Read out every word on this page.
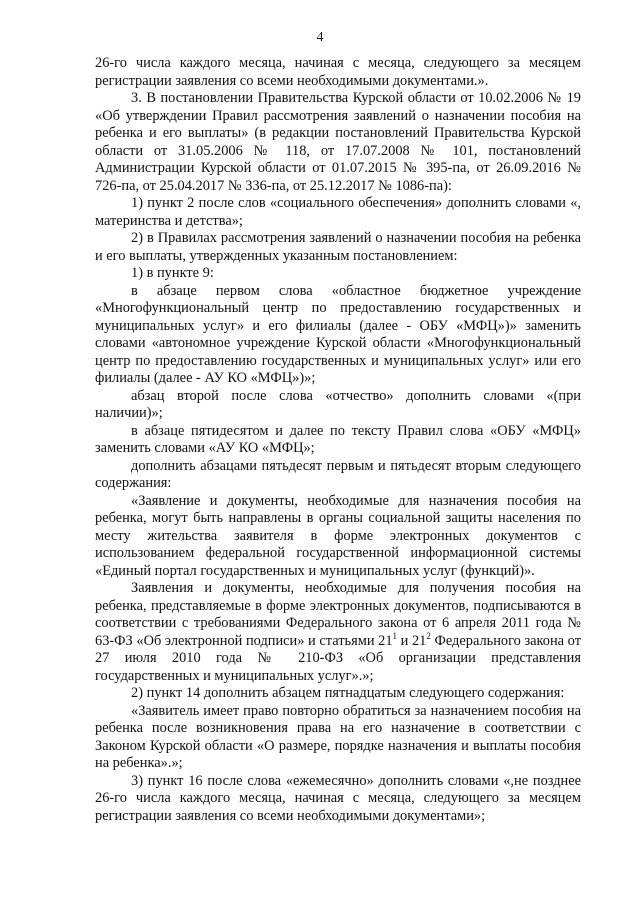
4

26-го числа каждого месяца, начиная с месяца, следующего за месяцем регистрации заявления со всеми необходимыми документами.».

3. В постановлении Правительства Курской области от 10.02.2006 № 19 «Об утверждении Правил рассмотрения заявлений о назначении пособия на ребенка и его выплаты» (в редакции постановлений Правительства Курской области от 31.05.2006 № 118, от 17.07.2008 № 101, постановлений Администрации Курской области от 01.07.2015 № 395-па, от 26.09.2016 № 726-па, от 25.04.2017 № 336-па, от 25.12.2017 № 1086-па):

1) пункт 2 после слов «социального обеспечения» дополнить словами «, материнства и детства»;

2) в Правилах рассмотрения заявлений о назначении пособия на ребенка и его выплаты, утвержденных указанным постановлением:

1) в пункте 9:

в абзаце первом слова «областное бюджетное учреждение «Многофункциональный центр по предоставлению государственных и муниципальных услуг» и его филиалы (далее - ОБУ «МФЦ»)» заменить словами «автономное учреждение Курской области «Многофункциональный центр по предоставлению государственных и муниципальных услуг» или его филиалы (далее - АУ КО «МФЦ»)»;

абзац второй после слова «отчество» дополнить словами «(при наличии)»;

в абзаце пятидесятом и далее по тексту Правил слова «ОБУ «МФЦ» заменить словами «АУ КО «МФЦ»;

дополнить абзацами пятьдесят первым и пятьдесят вторым следующего содержания:

«Заявление и документы, необходимые для назначения пособия на ребенка, могут быть направлены в органы социальной защиты населения по месту жительства заявителя в форме электронных документов с использованием федеральной государственной информационной системы «Единый портал государственных и муниципальных услуг (функций)».

Заявления и документы, необходимые для получения пособия на ребенка, представляемые в форме электронных документов, подписываются в соответствии с требованиями Федерального закона от 6 апреля 2011 года № 63-ФЗ «Об электронной подписи» и статьями $21^1$ и $21^2$ Федерального закона от 27 июля 2010 года № 210-ФЗ «Об организации представления государственных и муниципальных услуг».»;

2) пункт 14 дополнить абзацем пятнадцатым следующего содержания:

«Заявитель имеет право повторно обратиться за назначением пособия на ребенка после возникновения права на его назначение в соответствии с Законом Курской области «О размере, порядке назначения и выплаты пособия на ребенка».»;

3) пункт 16 после слова «ежемесячно» дополнить словами «,не позднее 26-го числа каждого месяца, начиная с месяца, следующего за месяцем регистрации заявления со всеми необходимыми документами»;
